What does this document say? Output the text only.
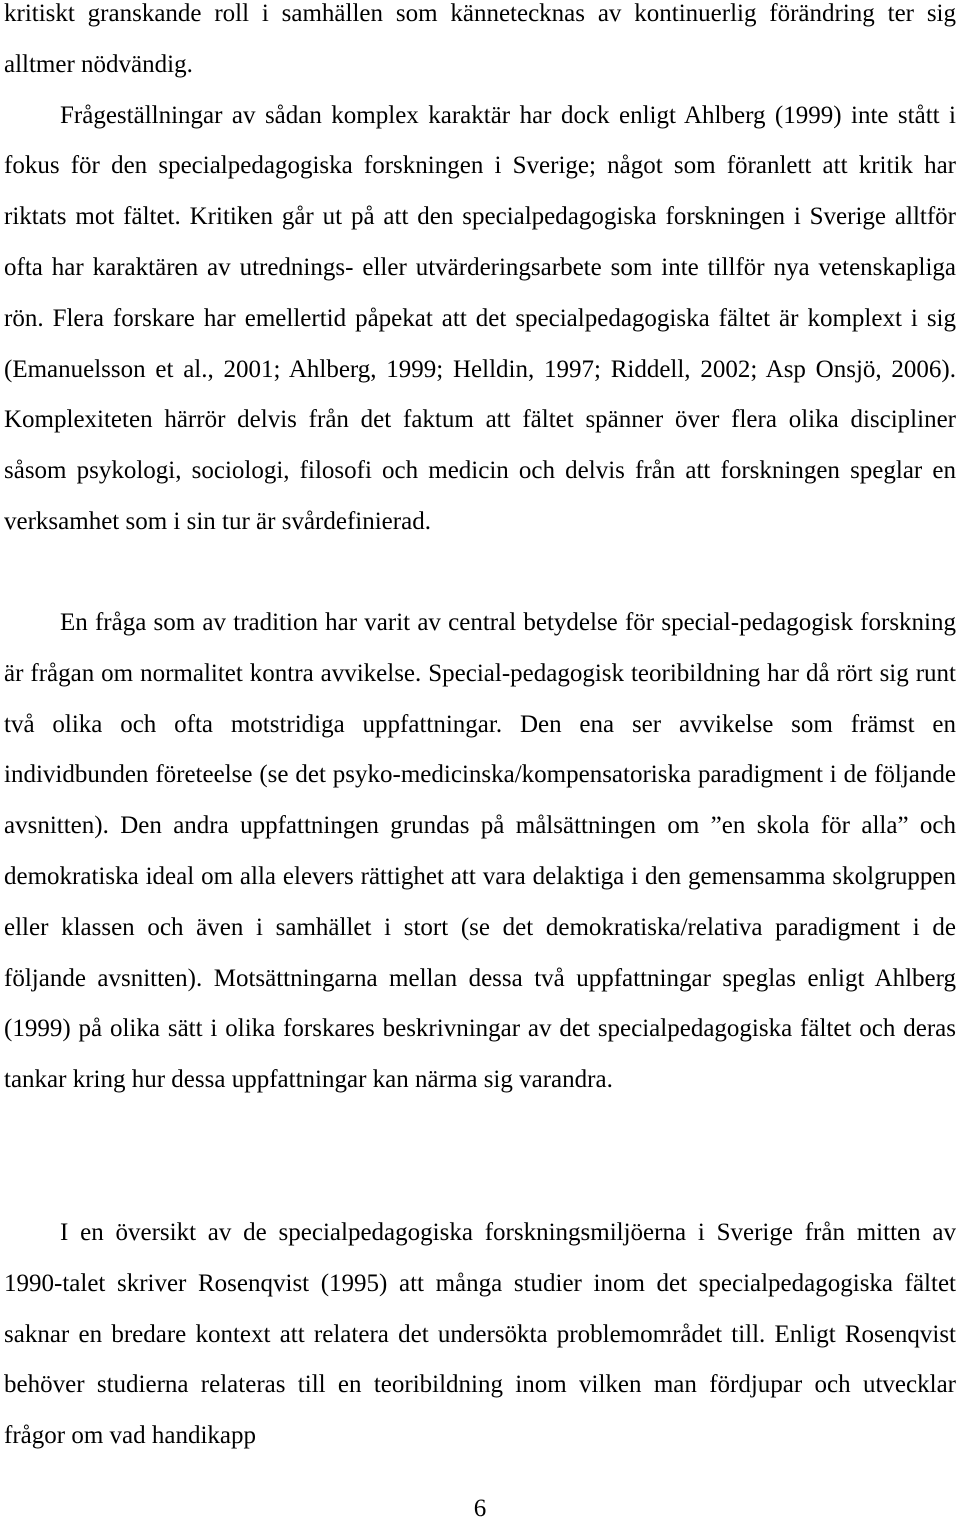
kritiskt granskande roll i samhällen som kännetecknas av kontinuerlig förändring ter sig alltmer nödvändig.
Frågeställningar av sådan komplex karaktär har dock enligt Ahlberg (1999) inte stått i fokus för den specialpedagogiska forskningen i Sverige; något som föranlett att kritik har riktats mot fältet. Kritiken går ut på att den specialpedagogiska forskningen i Sverige alltför ofta har karaktären av utrednings- eller utvärderingsarbete som inte tillför nya vetenskapliga rön. Flera forskare har emellertid påpekat att det specialpedagogiska fältet är komplext i sig (Emanuelsson et al., 2001; Ahlberg, 1999; Helldin, 1997; Riddell, 2002; Asp Onsjö, 2006). Komplexiteten härrör delvis från det faktum att fältet spänner över flera olika discipliner såsom psykologi, sociologi, filosofi och medicin och delvis från att forskningen speglar en verksamhet som i sin tur är svårdefinierad.

En fråga som av tradition har varit av central betydelse för special-pedagogisk forskning är frågan om normalitet kontra avvikelse. Special-pedagogisk teoribildning har då rört sig runt två olika och ofta motstridiga uppfattningar. Den ena ser avvikelse som främst en individbunden företeelse (se det psyko-medicinska/kompensatoriska paradigment i de följande avsnitten). Den andra uppfattningen grundas på målsättningen om ”en skola för alla” och demokratiska ideal om alla elevers rättighet att vara delaktiga i den gemensamma skolgruppen eller klassen och även i samhället i stort (se det demokratiska/relativa paradigment i de följande avsnitten). Motsättningarna mellan dessa två uppfattningar speglas enligt Ahlberg (1999) på olika sätt i olika forskares beskrivningar av det specialpedagogiska fältet och deras tankar kring hur dessa uppfattningar kan närma sig varandra.

I en översikt av de specialpedagogiska forskningsmiljöerna i Sverige från mitten av 1990-talet skriver Rosenqvist (1995) att många studier inom det specialpedagogiska fältet saknar en bredare kontext att relatera det undersökta problemområdet till. Enligt Rosenqvist behöver studierna relateras till en teoribildning inom vilken man fördjupar och utvecklar frågor om vad handikapp

6
